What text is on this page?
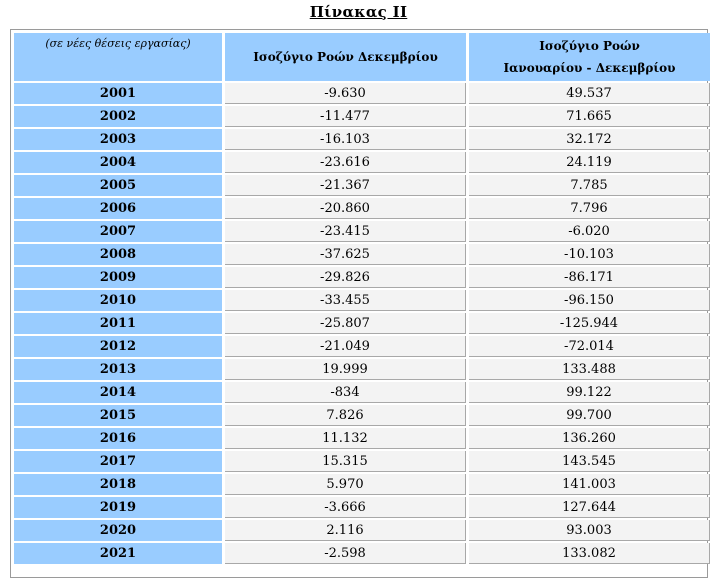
Πίνακας ΙΙ
(σε νέες θέσεις εργασίας)	Ισοζύγιο Ροών Δεκεμβρίου	Ισοζύγιο Ροών
Ιανουαρίου - Δεκεμβρίου

2001	-9.630	49.537
2002	-11.477	71.665
2003	-16.103	32.172
2004	-23.616	24.119
2005	-21.367	7.785
2006	-20.860	7.796
2007	-23.415	-6.020
2008	-37.625	-10.103
2009	-29.826	-86.171
2010	-33.455	-96.150
2011	-25.807	-125.944
2012	-21.049	-72.014
2013	19.999	133.488
2014	-834	99.122
2015	7.826	99.700
2016	11.132	136.260
2017	15.315	143.545
2018	5.970	141.003
2019	-3.666	127.644
2020	2.116	93.003
2021	-2.598	133.082
